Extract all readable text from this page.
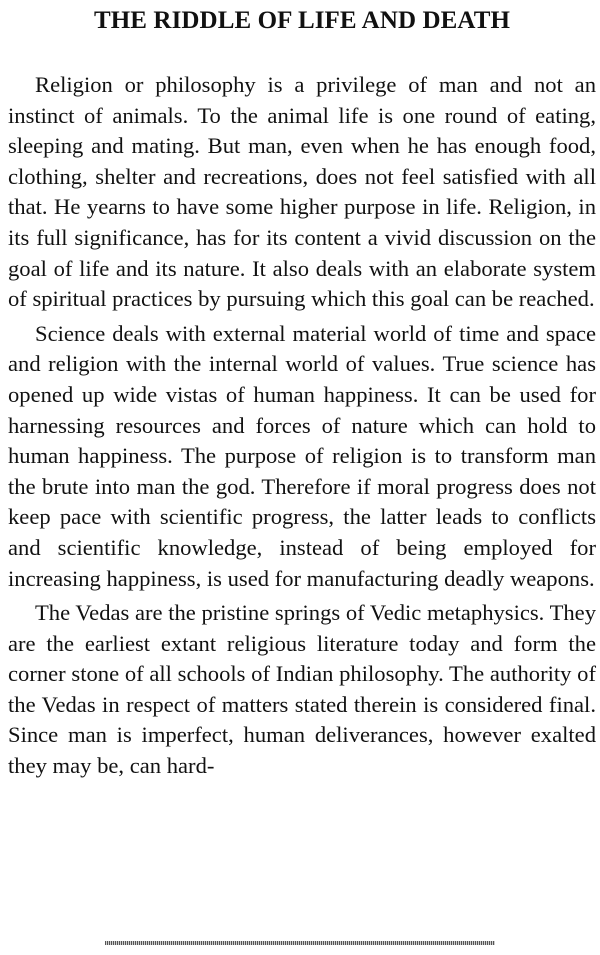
THE RIDDLE OF LIFE AND DEATH

Religion or philosophy is a privilege of man and not an instinct of animals. To the animal life is one round of eating, sleeping and mating. But man, even when he has enough food, clothing, shelter and recreations, does not feel satisfied with all that. He yearns to have some higher purpose in life. Religion, in its full significance, has for its content a vivid discussion on the goal of life and its nature. It also deals with an elaborate system of spiritual practices by pursuing which this goal can be reached.

Science deals with external material world of time and space and religion with the internal world of values. True science has opened up wide vistas of human happiness. It can be used for harnessing resources and forces of nature which can hold to human happiness. The purpose of religion is to transform man the brute into man the god. Therefore if moral progress does not keep pace with scientific progress, the latter leads to conflicts and scientific knowledge, instead of being employed for increasing happiness, is used for manufacturing deadly weapons.

The Vedas are the pristine springs of Vedic metaphysics. They are the earliest extant religious literature today and form the corner stone of all schools of Indian philosophy. The authority of the Vedas in respect of matters stated therein is considered final. Since man is imperfect, human deliverances, however exalted they may be, can hard-
